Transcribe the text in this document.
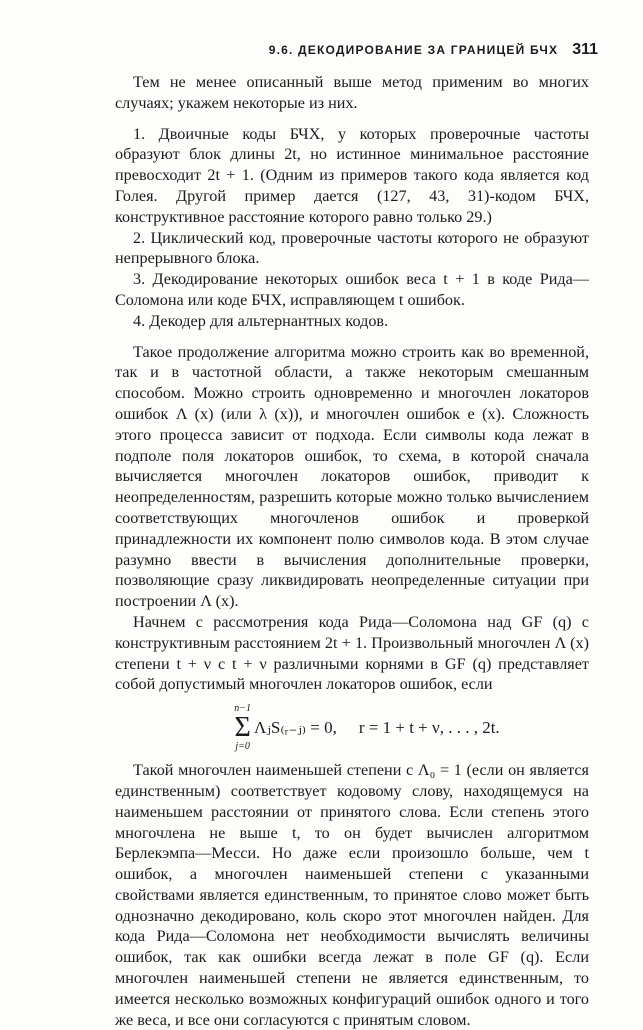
9.6. ДЕКОДИРОВАНИЕ ЗА ГРАНИЦЕЙ БЧХ 311

Тем не менее описанный выше метод применим во многих случаях; укажем некоторые из них.

1. Двоичные коды БЧХ, у которых проверочные частоты образуют блок длины 2t, но истинное минимальное расстояние превосходит 2t + 1. (Одним из примеров такого кода является код Голея. Другой пример дается (127, 43, 31)-кодом БЧХ, конструктивное расстояние которого равно только 29.)

2. Циклический код, проверочные частоты которого не образуют непрерывного блока.

3. Декодирование некоторых ошибок веса t + 1 в коде Рида—Соломона или коде БЧХ, исправляющем t ошибок.

4. Декодер для альтернантных кодов.

Такое продолжение алгоритма можно строить как во временной, так и в частотной области, а также некоторым смешанным способом. Можно строить одновременно и многочлен локаторов ошибок Λ (x) (или λ (x)), и многочлен ошибок e (x). Сложность этого процесса зависит от подхода. Если символы кода лежат в подполе поля локаторов ошибок, то схема, в которой сначала вычисляется многочлен локаторов ошибок, приводит к неопределенностям, разрешить которые можно только вычислением соответствующих многочленов ошибок и проверкой принадлежности их компонент полю символов кода. В этом случае разумно ввести в вычисления дополнительные проверки, позволяющие сразу ликвидировать неопределенные ситуации при построении Λ (x).

Начнем с рассмотрения кода Рида—Соломона над GF (q) с конструктивным расстоянием 2t + 1. Произвольный многочлен Λ (x) степени t + ν с t + ν различными корнями в GF (q) представляет собой допустимый многочлен локаторов ошибок, если

n−1
Σ
j=0
ΛⱼS₍ᵣ₋ⱼ₎ = 0, r = 1 + t + ν, . . . , 2t.

Такой многочлен наименьшей степени с Λ₀ = 1 (если он является единственным) соответствует кодовому слову, находящемуся на наименьшем расстоянии от принятого слова. Если степень этого многочлена не выше t, то он будет вычислен алгоритмом Берлекэмпа—Месси. Но даже если произошло больше, чем t ошибок, а многочлен наименьшей степени с указанными свойствами является единственным, то принятое слово может быть однозначно декодировано, коль скоро этот многочлен найден. Для кода Рида—Соломона нет необходимости вычислять величины ошибок, так как ошибки всегда лежат в поле GF (q). Если многочлен наименьшей степени не является единственным, то имеется несколько возможных конфигураций ошибок одного и того же веса, и все они согласуются с принятым словом.
